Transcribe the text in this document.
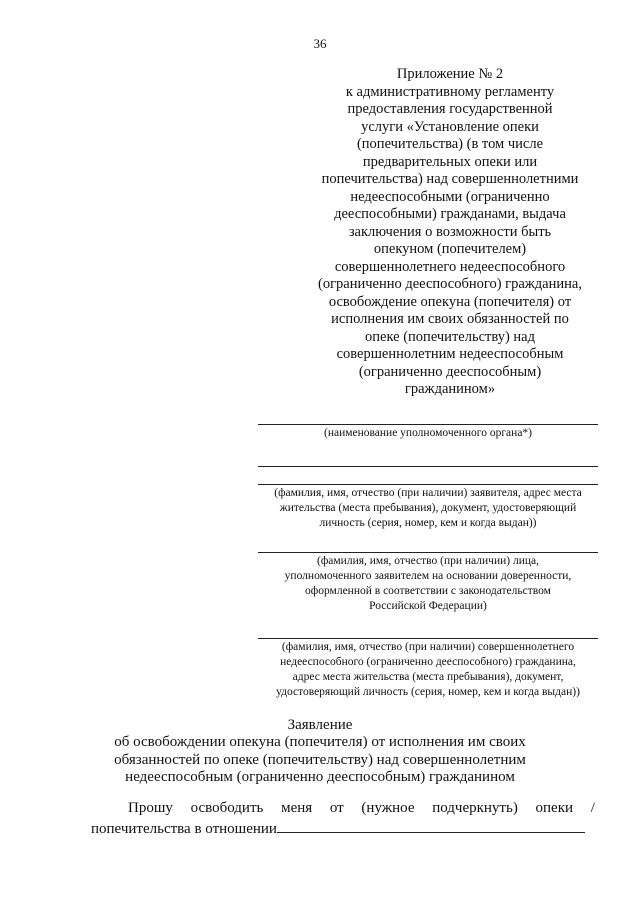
36
Приложение № 2
к административному регламенту
предоставления государственной
услуги «Установление опеки
(попечительства) (в том числе
предварительных опеки или
попечительства) над совершеннолетними
недееспособными (ограниченно
дееспособными) гражданами, выдача
заключения о возможности быть
опекуном (попечителем)
совершеннолетнего недееспособного
(ограниченно дееспособного) гражданина,
освобождение опекуна (попечителя) от
исполнения им своих обязанностей по
опеке (попечительству) над
совершеннолетним недееспособным
(ограниченно дееспособным)
гражданином»
(наименование уполномоченного органа*)
(фамилия, имя, отчество (при наличии) заявителя, адрес места
жительства (места пребывания), документ, удостоверяющий
личность (серия, номер, кем и когда выдан))
(фамилия, имя, отчество (при наличии) лица,
уполномоченного заявителем на основании доверенности,
оформленной в соответствии с законодательством
Российской Федерации)
(фамилия, имя, отчество (при наличии) совершеннолетнего
недееспособного (ограниченно дееспособного) гражданина,
адрес места жительства (места пребывания), документ,
удостоверяющий личность (серия, номер, кем и когда выдан))
Заявление
об освобождении опекуна (попечителя) от исполнения им своих
обязанностей по опеке (попечительству) над совершеннолетним
недееспособным (ограниченно дееспособным) гражданином
Прошу освободить меня от (нужное подчеркнуть) опеки /
попечительства в отношении
